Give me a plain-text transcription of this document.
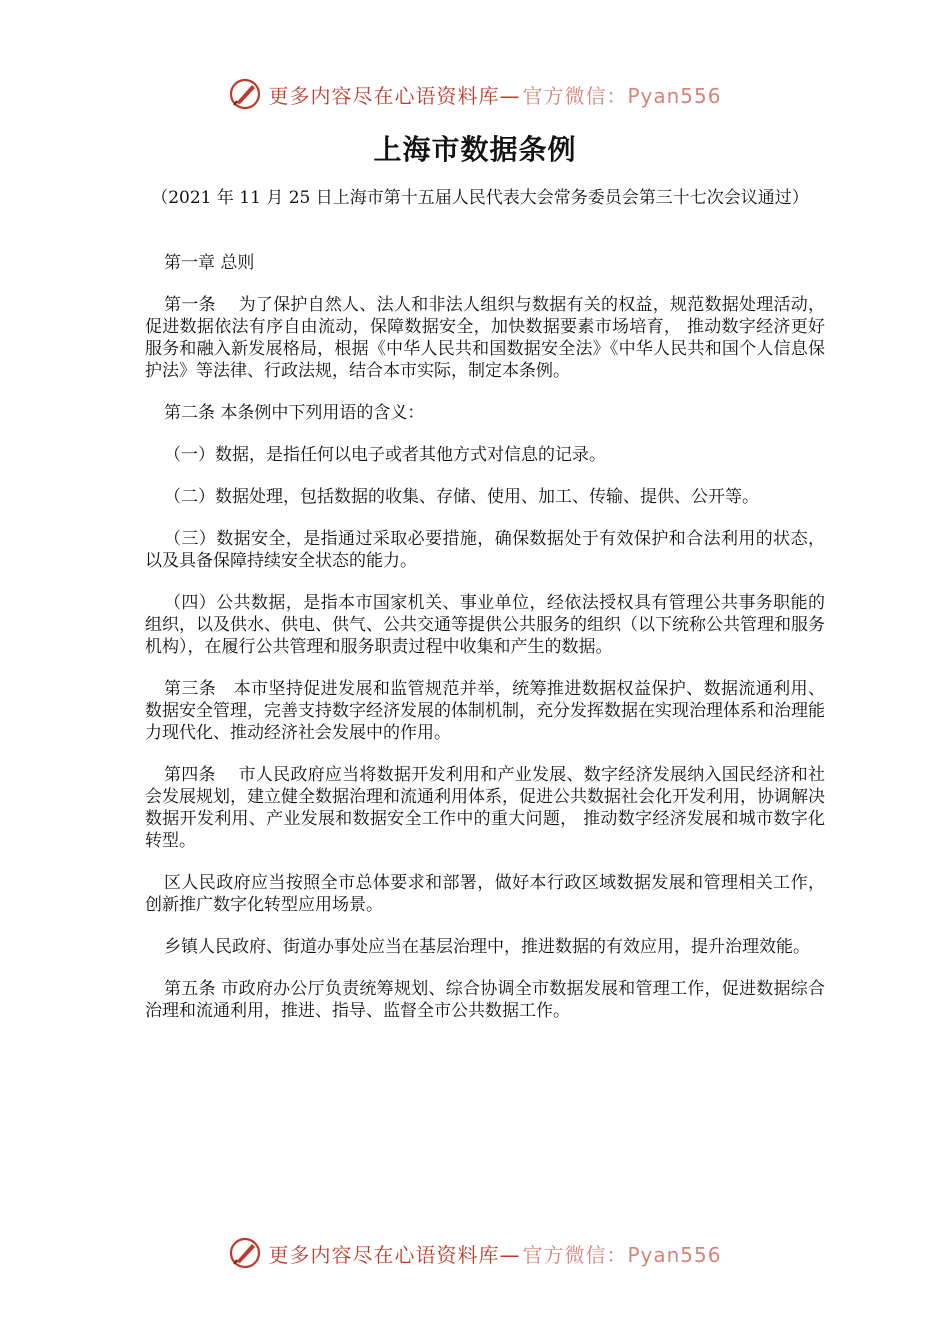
更多内容尽在心语资料库— 官方微信：Pyan556
上海市数据条例
（2021 年 11 月 25 日上海市第十五届人民代表大会常务委员会第三十七次会议通过）

第一章 总则

第一条　 为了保护自然人、法人和非法人组织与数据有关的权益，规范数据处理活动，促进数据依法有序自由流动，保障数据安全，加快数据要素市场培育， 推动数字经济更好服务和融入新发展格局，根据《中华人民共和国数据安全法》《中华人民共和国个人信息保护法》等法律、行政法规，结合本市实际，制定本条例。

第二条 本条例中下列用语的含义：

（一）数据，是指任何以电子或者其他方式对信息的记录。

（二）数据处理，包括数据的收集、存储、使用、加工、传输、提供、公开等。

（三）数据安全，是指通过采取必要措施，确保数据处于有效保护和合法利用的状态，以及具备保障持续安全状态的能力。

（四）公共数据，是指本市国家机关、事业单位，经依法授权具有管理公共事务职能的组织，以及供水、供电、供气、公共交通等提供公共服务的组织（以下统称公共管理和服务机构），在履行公共管理和服务职责过程中收集和产生的数据。

第三条　本市坚持促进发展和监管规范并举，统筹推进数据权益保护、数据流通利用、数据安全管理，完善支持数字经济发展的体制机制，充分发挥数据在实现治理体系和治理能力现代化、推动经济社会发展中的作用。

第四条　 市人民政府应当将数据开发利用和产业发展、数字经济发展纳入国民经济和社会发展规划，建立健全数据治理和流通利用体系，促进公共数据社会化开发利用，协调解决数据开发利用、产业发展和数据安全工作中的重大问题， 推动数字经济发展和城市数字化转型。

区人民政府应当按照全市总体要求和部署，做好本行政区域数据发展和管理相关工作，创新推广数字化转型应用场景。

乡镇人民政府、街道办事处应当在基层治理中，推进数据的有效应用，提升治理效能。

第五条 市政府办公厅负责统筹规划、综合协调全市数据发展和管理工作，促进数据综合治理和流通利用，推进、指导、监督全市公共数据工作。

更多内容尽在心语资料库— 官方微信：Pyan556
